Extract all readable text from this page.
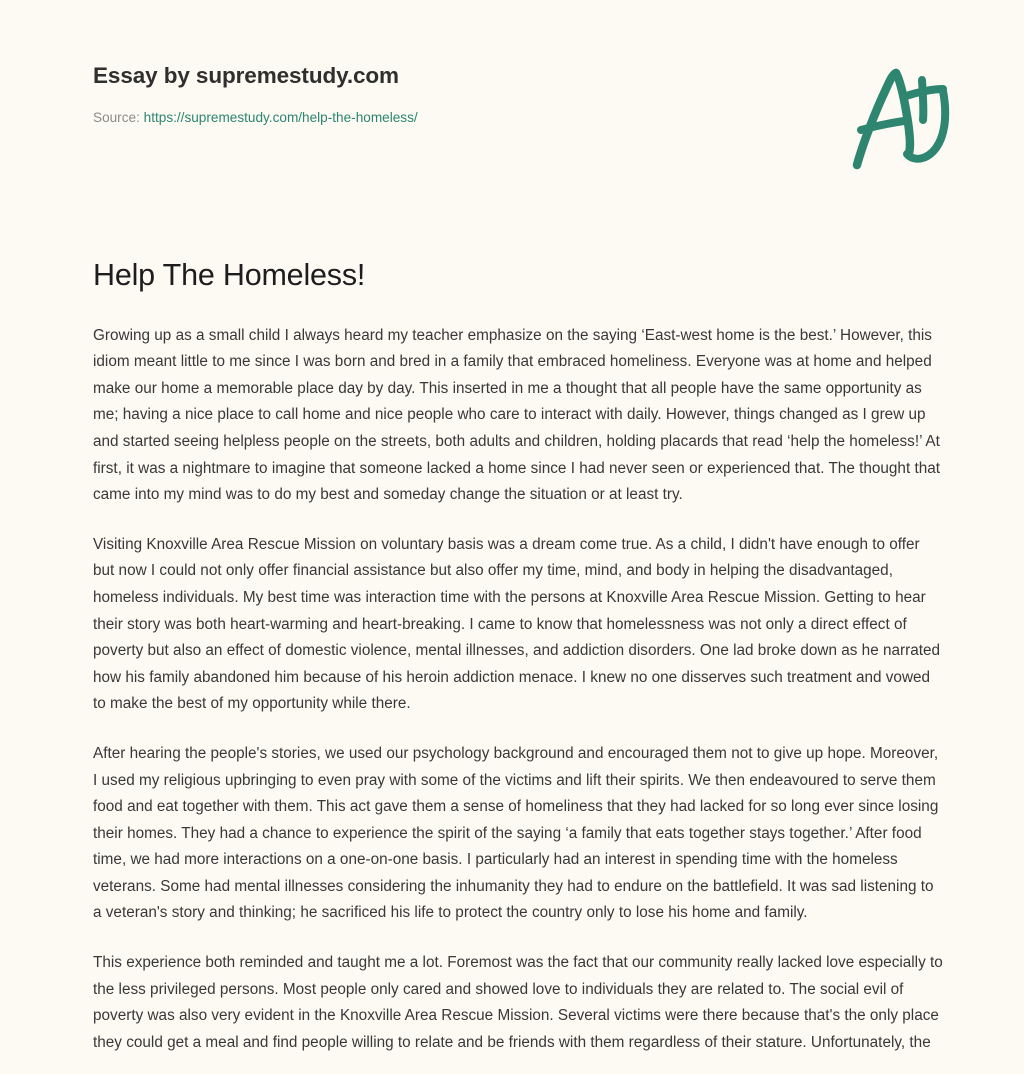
Essay by supremestudy.com
Source: https://supremestudy.com/help-the-homeless/
Help The Homeless!

Growing up as a small child I always heard my teacher emphasize on the saying ‘East-west home is the best.’ However, this idiom meant little to me since I was born and bred in a family that embraced homeliness. Everyone was at home and helped make our home a memorable place day by day. This inserted in me a thought that all people have the same opportunity as me; having a nice place to call home and nice people who care to interact with daily. However, things changed as I grew up and started seeing helpless people on the streets, both adults and children, holding placards that read ‘help the homeless!’ At first, it was a nightmare to imagine that someone lacked a home since I had never seen or experienced that. The thought that came into my mind was to do my best and someday change the situation or at least try.

Visiting Knoxville Area Rescue Mission on voluntary basis was a dream come true. As a child, I didn't have enough to offer but now I could not only offer financial assistance but also offer my time, mind, and body in helping the disadvantaged, homeless individuals. My best time was interaction time with the persons at Knoxville Area Rescue Mission. Getting to hear their story was both heart-warming and heart-breaking. I came to know that homelessness was not only a direct effect of poverty but also an effect of domestic violence, mental illnesses, and addiction disorders. One lad broke down as he narrated how his family abandoned him because of his heroin addiction menace. I knew no one disserves such treatment and vowed to make the best of my opportunity while there.

After hearing the people's stories, we used our psychology background and encouraged them not to give up hope. Moreover, I used my religious upbringing to even pray with some of the victims and lift their spirits. We then endeavoured to serve them food and eat together with them. This act gave them a sense of homeliness that they had lacked for so long ever since losing their homes. They had a chance to experience the spirit of the saying ‘a family that eats together stays together.’ After food time, we had more interactions on a one-on-one basis. I particularly had an interest in spending time with the homeless veterans. Some had mental illnesses considering the inhumanity they had to endure on the battlefield. It was sad listening to a veteran's story and thinking; he sacrificed his life to protect the country only to lose his home and family.

This experience both reminded and taught me a lot. Foremost was the fact that our community really lacked love especially to the less privileged persons. Most people only cared and showed love to individuals they are related to. The social evil of poverty was also very evident in the Knoxville Area Rescue Mission. Several victims were there because that's the only place they could get a meal and find people willing to relate and be friends with them regardless of their stature. Unfortunately, the
